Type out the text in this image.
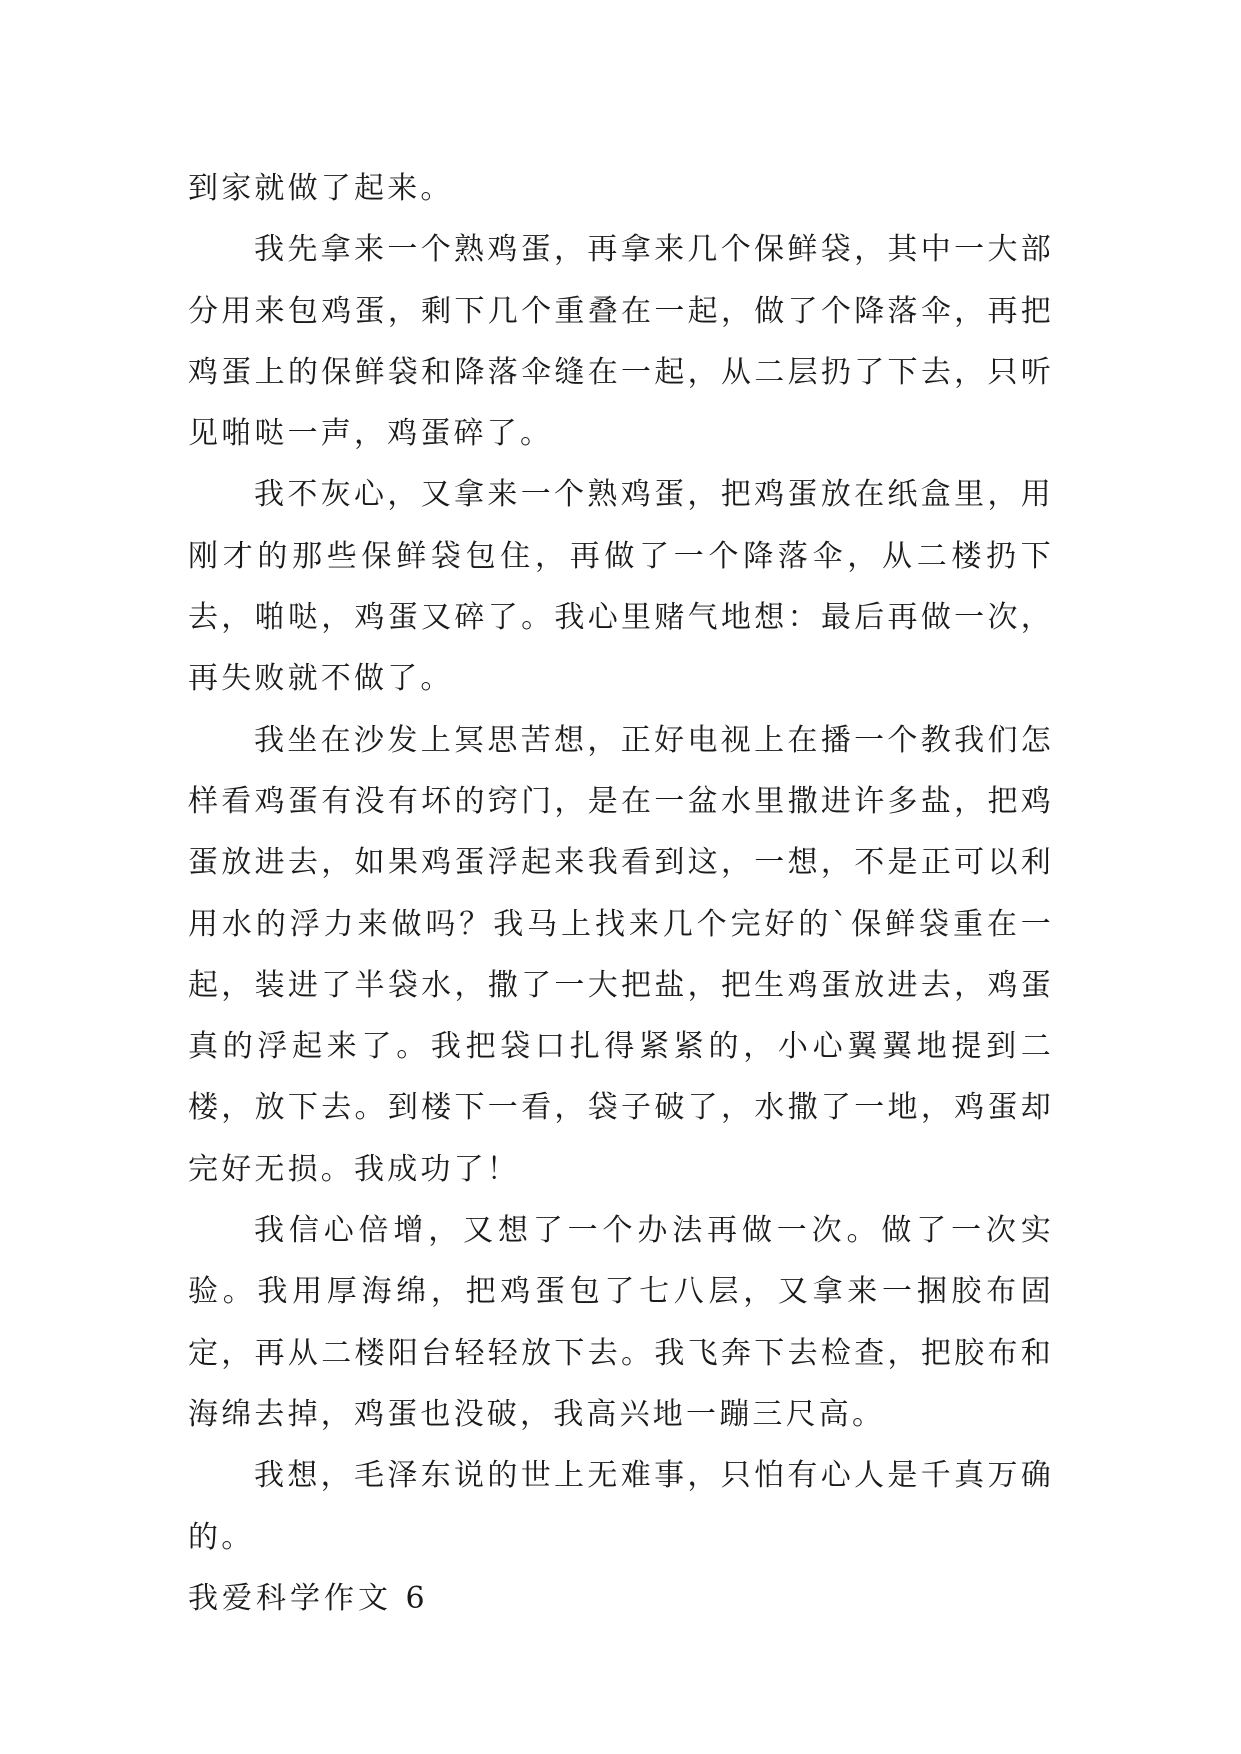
到家就做了起来。

我先拿来一个熟鸡蛋，再拿来几个保鲜袋，其中一大部分用来包鸡蛋，剩下几个重叠在一起，做了个降落伞，再把鸡蛋上的保鲜袋和降落伞缝在一起，从二层扔了下去，只听见啪哒一声，鸡蛋碎了。

我不灰心，又拿来一个熟鸡蛋，把鸡蛋放在纸盒里，用刚才的那些保鲜袋包住，再做了一个降落伞，从二楼扔下去，啪哒，鸡蛋又碎了。我心里赌气地想：最后再做一次，再失败就不做了。

我坐在沙发上冥思苦想，正好电视上在播一个教我们怎样看鸡蛋有没有坏的窍门，是在一盆水里撒进许多盐，把鸡蛋放进去，如果鸡蛋浮起来我看到这，一想，不是正可以利用水的浮力来做吗？我马上找来几个完好的`保鲜袋重在一起，装进了半袋水，撒了一大把盐，把生鸡蛋放进去，鸡蛋真的浮起来了。我把袋口扎得紧紧的，小心翼翼地提到二楼，放下去。到楼下一看，袋子破了，水撒了一地，鸡蛋却完好无损。我成功了！

我信心倍增，又想了一个办法再做一次。做了一次实验。我用厚海绵，把鸡蛋包了七八层，又拿来一捆胶布固定，再从二楼阳台轻轻放下去。我飞奔下去检查，把胶布和海绵去掉，鸡蛋也没破，我高兴地一蹦三尺高。

我想，毛泽东说的世上无难事，只怕有心人是千真万确的。

我爱科学作文 6
